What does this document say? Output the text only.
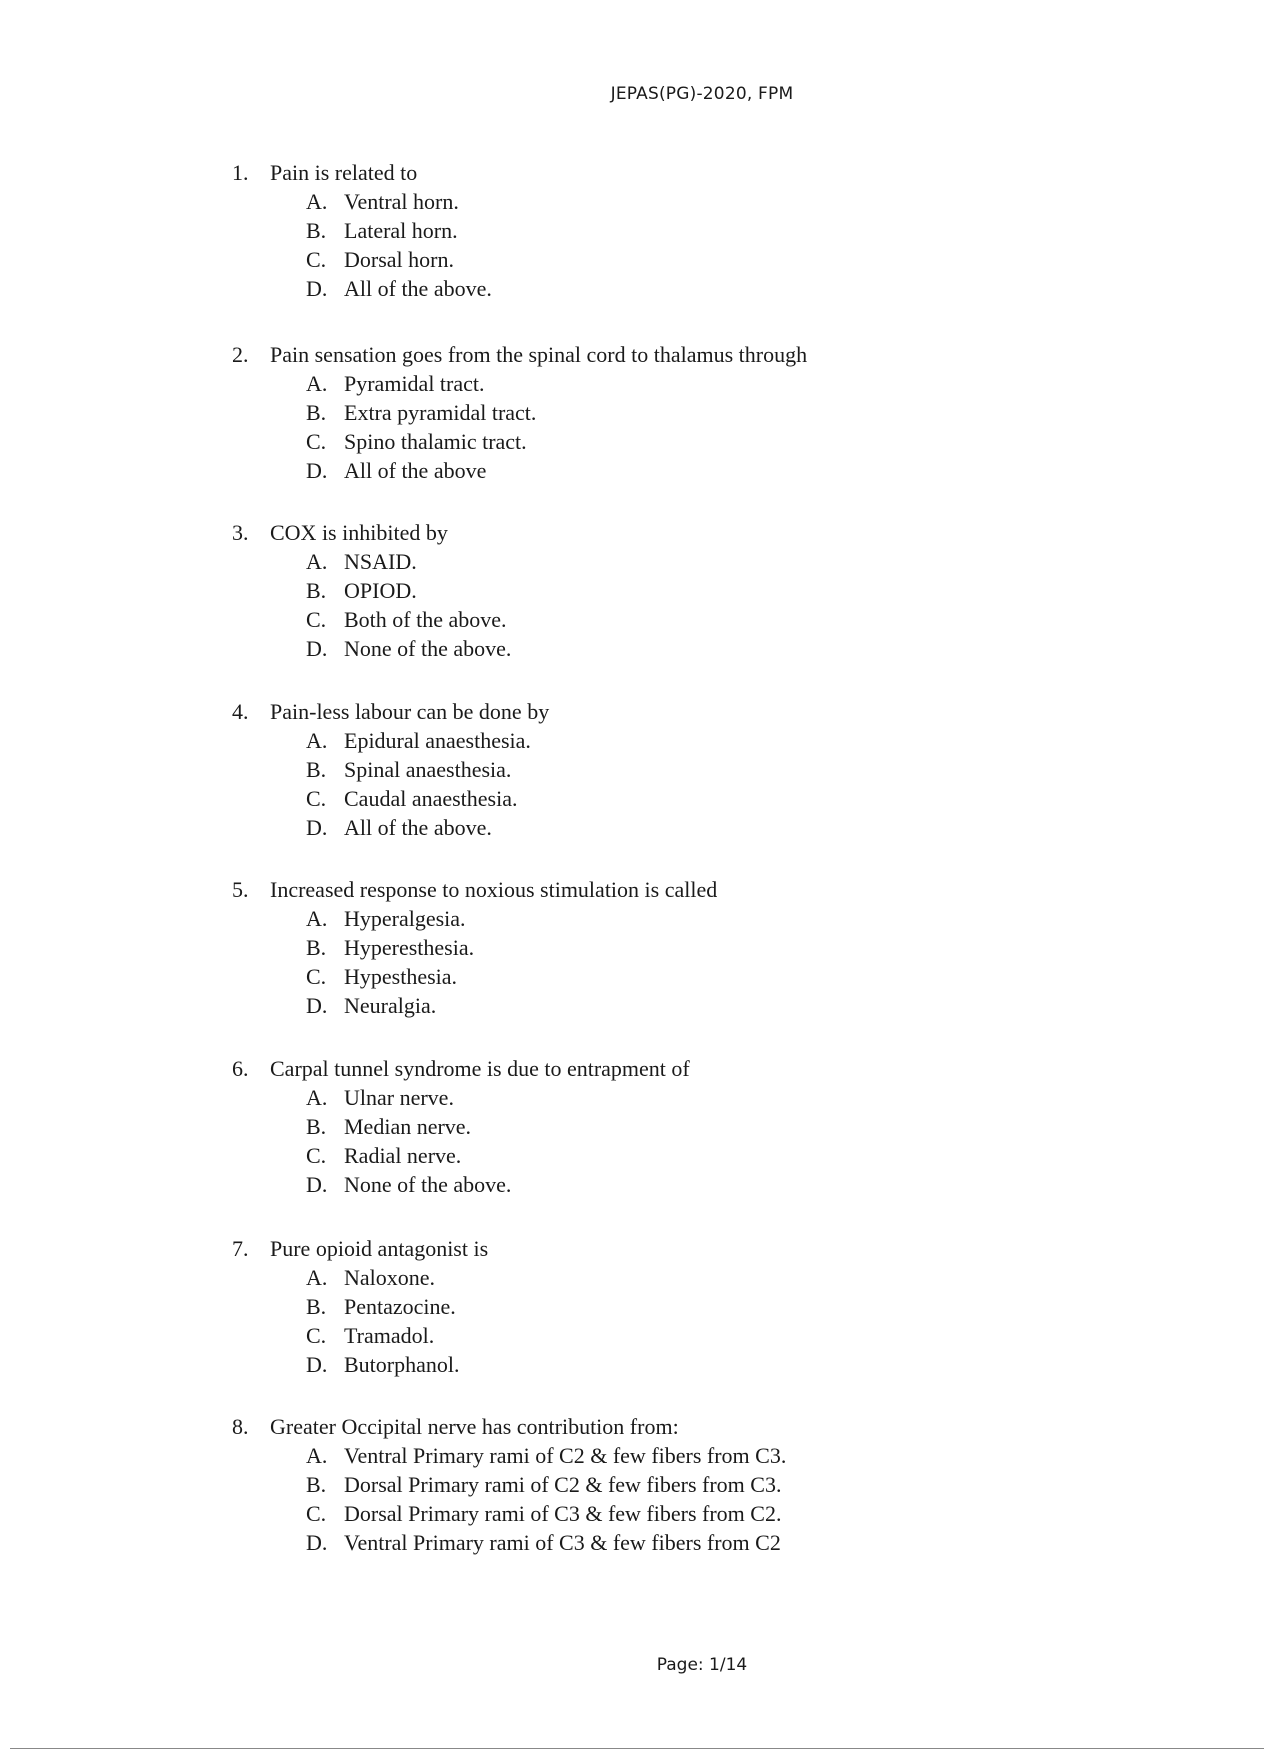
JEPAS(PG)-2020, FPM
1. Pain is related to
A. Ventral horn.
B. Lateral horn.
C. Dorsal horn.
D. All of the above.
2. Pain sensation goes from the spinal cord to thalamus through
A. Pyramidal tract.
B. Extra pyramidal tract.
C. Spino thalamic tract.
D. All of the above
3. COX is inhibited by
A. NSAID.
B. OPIOD.
C. Both of the above.
D. None of the above.
4. Pain-less labour can be done by
A. Epidural anaesthesia.
B. Spinal anaesthesia.
C. Caudal anaesthesia.
D. All of the above.
5. Increased response to noxious stimulation is called
A. Hyperalgesia.
B. Hyperesthesia.
C. Hypesthesia.
D. Neuralgia.
6. Carpal tunnel syndrome is due to entrapment of
A. Ulnar nerve.
B. Median nerve.
C. Radial nerve.
D. None of the above.
7. Pure opioid antagonist is
A. Naloxone.
B. Pentazocine.
C. Tramadol.
D. Butorphanol.
8. Greater Occipital nerve has contribution from:
A. Ventral Primary rami of C2 & few fibers from C3.
B. Dorsal Primary rami of C2 & few fibers from C3.
C. Dorsal Primary rami of C3 & few fibers from C2.
D. Ventral Primary rami of C3 & few fibers from C2
Page: 1/14
